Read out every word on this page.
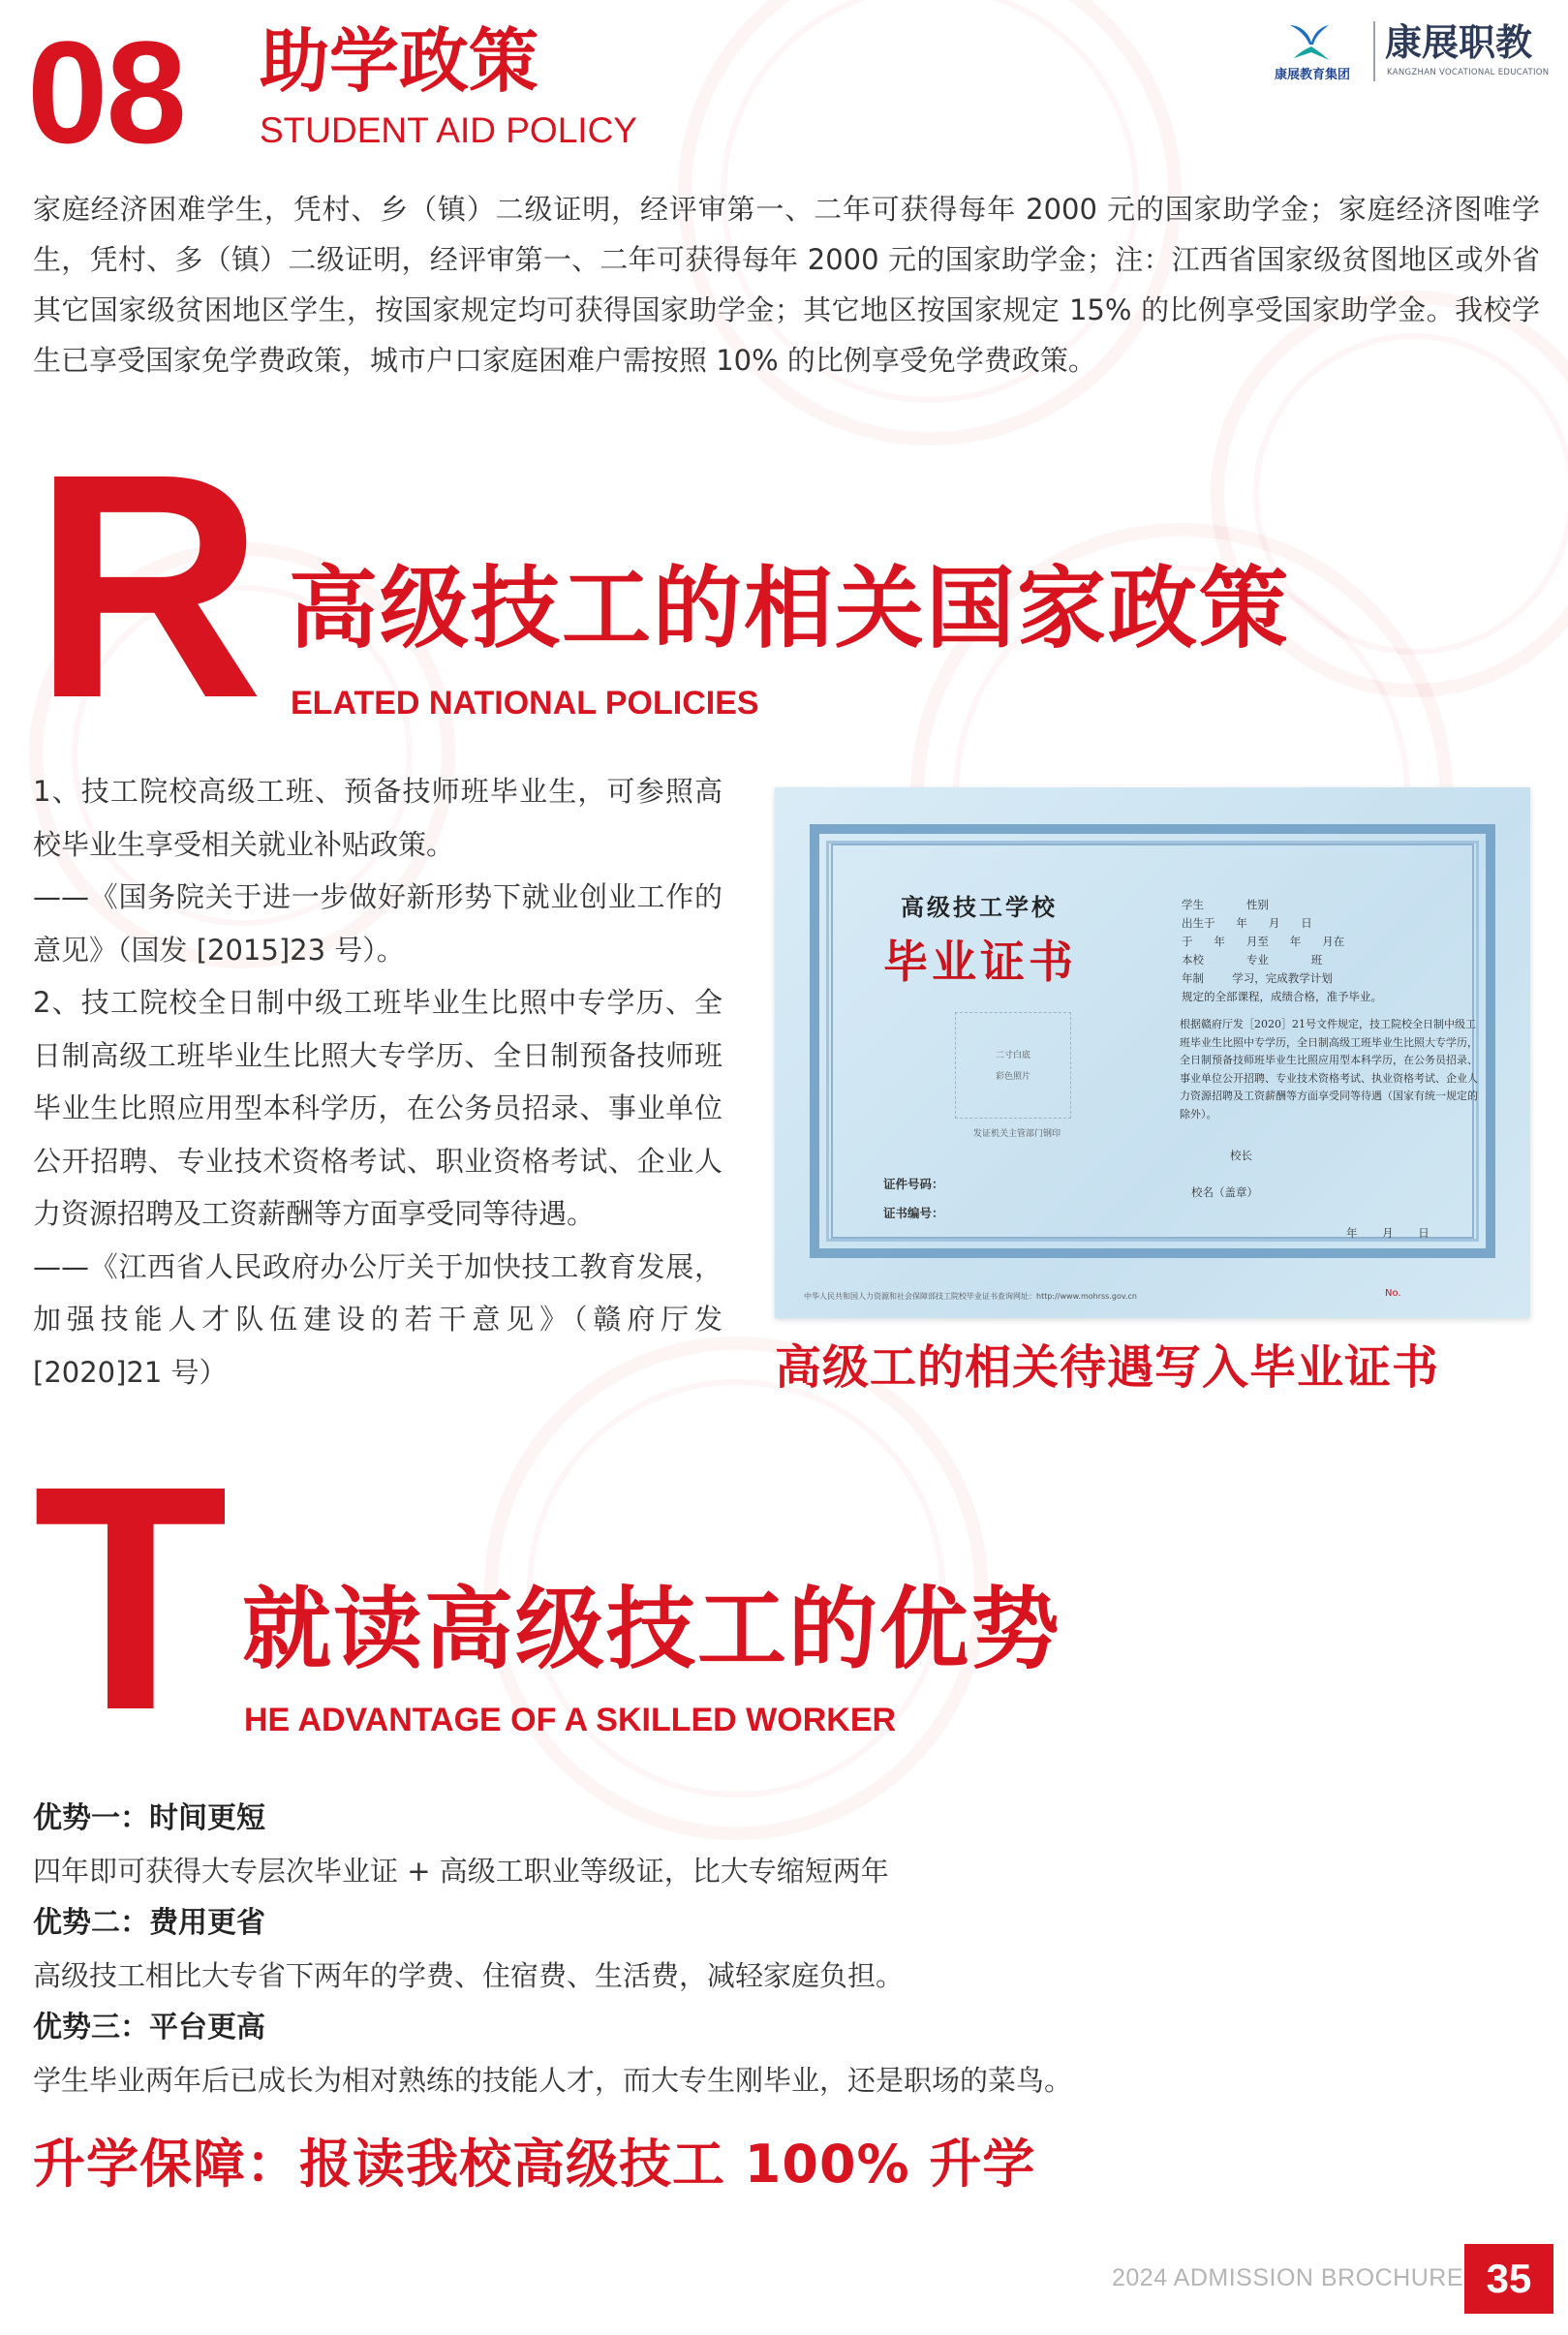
08 助学政策
STUDENT AID POLICY
康展教育集团
康展职教
KANGZHAN VOCATIONAL EDUCATION
家庭经济困难学生，凭村、乡（镇）二级证明，经评审第一、二年可获得每年 2000 元的国家助学金；家庭经济图唯学生，凭村、多（镇）二级证明，经评审第一、二年可获得每年 2000 元的国家助学金；注：江西省国家级贫图地区或外省其它国家级贫困地区学生，按国家规定均可获得国家助学金；其它地区按国家规定 15% 的比例享受国家助学金。我校学生已享受国家免学费政策，城市户口家庭困难户需按照 10% 的比例享受免学费政策。
R 高级技工的相关国家政策
ELATED NATIONAL POLICIES
1、技工院校高级工班、预备技师班毕业生，可参照高校毕业生享受相关就业补贴政策。
——《国务院关于进一步做好新形势下就业创业工作的意见》（国发 [2015]23 号）。
2、技工院校全日制中级工班毕业生比照中专学历、全日制高级工班毕业生比照大专学历、全日制预备技师班毕业生比照应用型本科学历，在公务员招录、事业单位公开招聘、专业技术资格考试、职业资格考试、企业人力资源招聘及工资薪酬等方面享受同等待遇。
——《江西省人民政府办公厅关于加快技工教育发展，加强技能人才队伍建设的若干意见》（赣府厅发 [2020]21 号）
高级技工学校
毕业证书
二寸白底
彩色照片
发证机关主管部门钢印
学生            性别
出生于      年      月      日
于      年      月至      年      月在
本校            专业            班
年制        学习，完成教学计划
规定的全部课程，成绩合格，准予毕业。
根据赣府厅发［2020］21号文件规定，技工院校全日制中级工班毕业生比照中专学历，全日制高级工班毕业生比照大专学历，全日制预备技师班毕业生比照应用型本科学历，在公务员招录、事业单位公开招聘、专业技术资格考试、执业资格考试、企业人力资源招聘及工资薪酬等方面享受同等待遇（国家有统一规定的除外）。
校长
校名（盖章）
年 月 日
证件号码：
证书编号：
中华人民共和国人力资源和社会保障部技工院校毕业证书查询网址：http://www.mohrss.gov.cn	No.
高级工的相关待遇写入毕业证书
T 就读高级技工的优势
HE ADVANTAGE OF A SKILLED WORKER
优势一：时间更短
四年即可获得大专层次毕业证 + 高级工职业等级证，比大专缩短两年
优势二：费用更省
高级技工相比大专省下两年的学费、住宿费、生活费，减轻家庭负担。
优势三：平台更高
学生毕业两年后已成长为相对熟练的技能人才，而大专生刚毕业，还是职场的菜鸟。
升学保障：报读我校高级技工 100% 升学
2024 ADMISSION BROCHURE 35
